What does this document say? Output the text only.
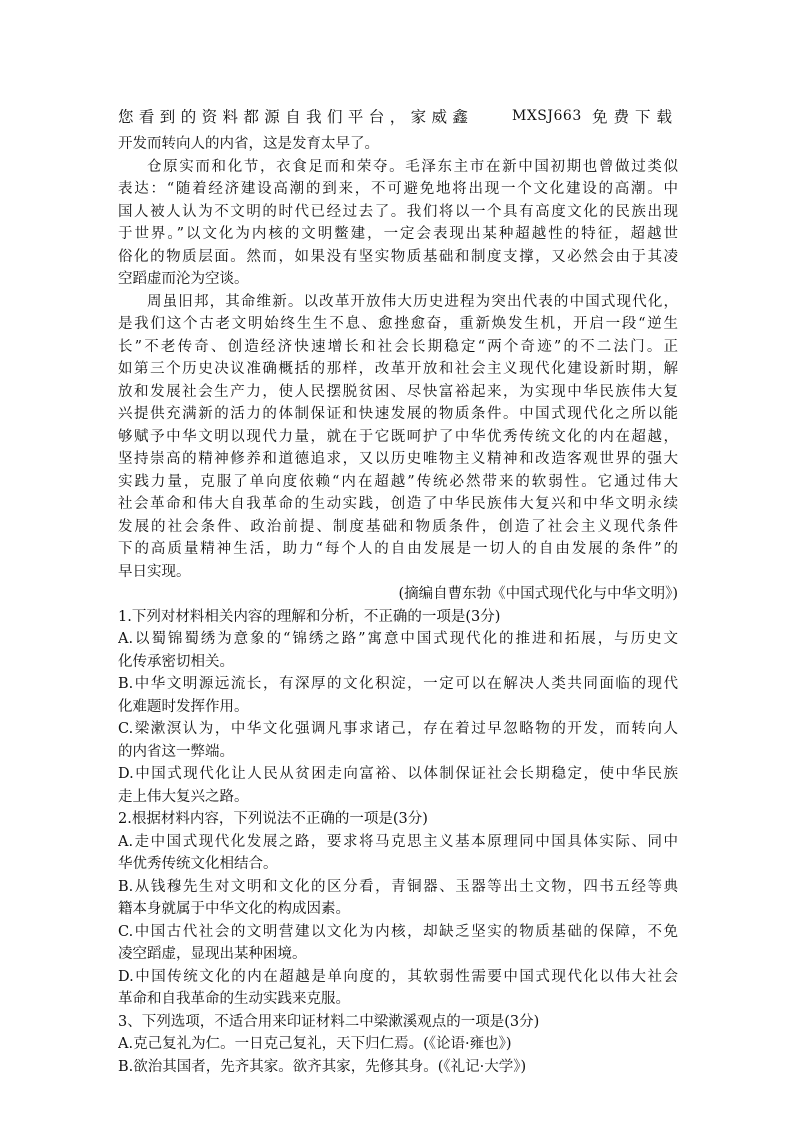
您看到的资料都源自我们平台，家威鑫	MXSJ663 免费下载
开发而转向人的内省，这是发育太早了。
仓原实而和化节，衣食足而和荣夺。毛泽东主市在新中国初期也曾做过类似
表达：“随着经济建设高潮的到来，不可避免地将出现一个文化建设的高潮。中
国人被人认为不文明的时代已经过去了。我们将以一个具有高度文化的民族出现
于世界。”以文化为内核的文明鳖建，一定会表现出某种超越性的特征，超越世
俗化的物质层面。然而，如果没有坚实物质基础和制度支撑，又必然会由于其凌
空蹈虚而沦为空谈。
周虽旧邦，其命维新。以改革开放伟大历史进程为突出代表的中国式现代化，
是我们这个古老文明始终生生不息、愈挫愈奋，重新焕发生机，开启一段“逆生
长”不老传奇、创造经济快速增长和社会长期稳定“两个奇迹”的不二法门。正
如第三个历史决议准确概括的那样，改革开放和社会主义现代化建设新时期，解
放和发展社会生产力，使人民摆脱贫困、尽快富裕起来，为实现中华民族伟大复
兴提供充满新的活力的体制保证和快速发展的物质条件。中国式现代化之所以能
够赋予中华文明以现代力量，就在于它既呵护了中华优秀传统文化的内在超越，
坚持崇高的精神修养和道德追求，又以历史唯物主义精神和改造客观世界的强大
实践力量，克服了单向度依赖“内在超越”传统必然带来的软弱性。它通过伟大
社会革命和伟大自我革命的生动实践，创造了中华民族伟大复兴和中华文明永续
发展的社会条件、政治前提、制度基础和物质条件，创造了社会主义现代条件
下的高质量精神生活，助力“每个人的自由发展是一切人的自由发展的条件”的
早日实现。
(摘编自曹东勃《中国式现代化与中华文明》)
1.下列对材料相关内容的理解和分析，不正确的一项是(3分)
A.以蜀锦蜀绣为意象的“锦绣之路”寓意中国式现代化的推进和拓展，与历史文
化传承密切相关。
B.中华文明源远流长，有深厚的文化积淀，一定可以在解决人类共同面临的现代
化难题时发挥作用。
C.梁漱溟认为，中华文化强调凡事求诸己，存在着过早忽略物的开发，而转向人
的内省这一弊端。
D.中国式现代化让人民从贫困走向富裕、以体制保证社会长期稳定，使中华民族
走上伟大复兴之路。
2.根据材料内容，下列说法不正确的一项是(3分)
A.走中国式现代化发展之路，要求将马克思主义基本原理同中国具体实际、同中
华优秀传统文化相结合。
B.从钱穆先生对文明和文化的区分看，青铜器、玉器等出土文物，四书五经等典
籍本身就属于中华文化的构成因素。
C.中国古代社会的文明营建以文化为内核，却缺乏坚实的物质基础的保障，不免
凌空蹈虚，显现出某种困境。
D.中国传统文化的内在超越是单向度的，其软弱性需要中国式现代化以伟大社会
革命和自我革命的生动实践来克服。
3、下列选项，不适合用来印证材料二中梁漱溪观点的一项是(3分)
A.克己复礼为仁。一日克己复礼，天下归仁焉。(《论语·雍也》)
B.欲治其国者，先齐其家。欲齐其家，先修其身。(《礼记·大学》)
